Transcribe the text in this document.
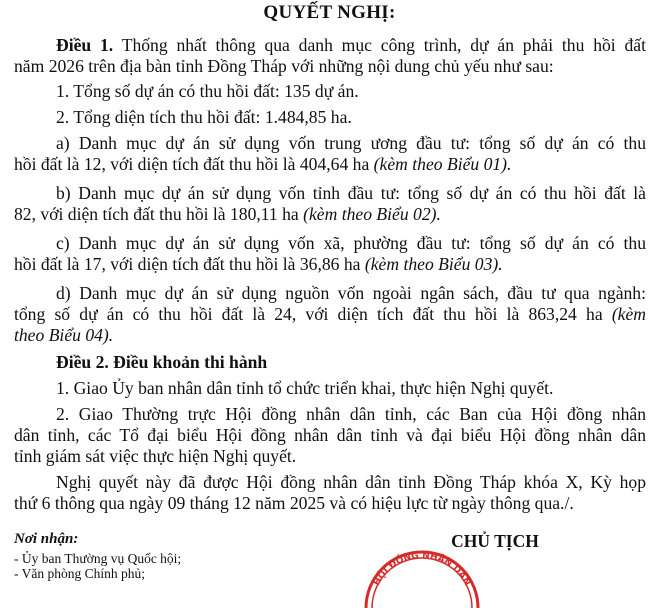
QUYẾT NGHỊ:
Điều 1. Thống nhất thông qua danh mục công trình, dự án phải thu hồi đất
năm 2026 trên địa bàn tỉnh Đồng Tháp với những nội dung chủ yếu như sau:
1. Tổng số dự án có thu hồi đất: 135 dự án.
2. Tổng diện tích thu hồi đất: 1.484,85 ha.
a) Danh mục dự án sử dụng vốn trung ương đầu tư: tổng số dự án có thu
hồi đất là 12, với diện tích đất thu hồi là 404,64 ha (kèm theo Biểu 01).
b) Danh mục dự án sử dụng vốn tỉnh đầu tư: tổng số dự án có thu hồi đất là
82, với diện tích đất thu hồi là 180,11 ha (kèm theo Biểu 02).
c) Danh mục dự án sử dụng vốn xã, phường đầu tư: tổng số dự án có thu
hồi đất là 17, với diện tích đất thu hồi là 36,86 ha (kèm theo Biểu 03).
d) Danh mục dự án sử dụng nguồn vốn ngoài ngân sách, đầu tư qua ngành:
tổng số dự án có thu hồi đất là 24, với diện tích đất thu hồi là 863,24 ha (kèm
theo Biểu 04).
Điều 2. Điều khoản thi hành
1. Giao Ủy ban nhân dân tỉnh tổ chức triển khai, thực hiện Nghị quyết.
2. Giao Thường trực Hội đồng nhân dân tỉnh, các Ban của Hội đồng nhân
dân tỉnh, các Tổ đại biểu Hội đồng nhân dân tỉnh và đại biểu Hội đồng nhân dân
tỉnh giám sát việc thực hiện Nghị quyết.
Nghị quyết này đã được Hội đồng nhân dân tỉnh Đồng Tháp khóa X, Kỳ họp
thứ 6 thông qua ngày 09 tháng 12 năm 2025 và có hiệu lực từ ngày thông qua./.
Nơi nhận:
- Ủy ban Thường vụ Quốc hội;
- Văn phòng Chính phủ;
CHỦ TỊCH
HỘI ĐỒNG NHÂN DÂN
